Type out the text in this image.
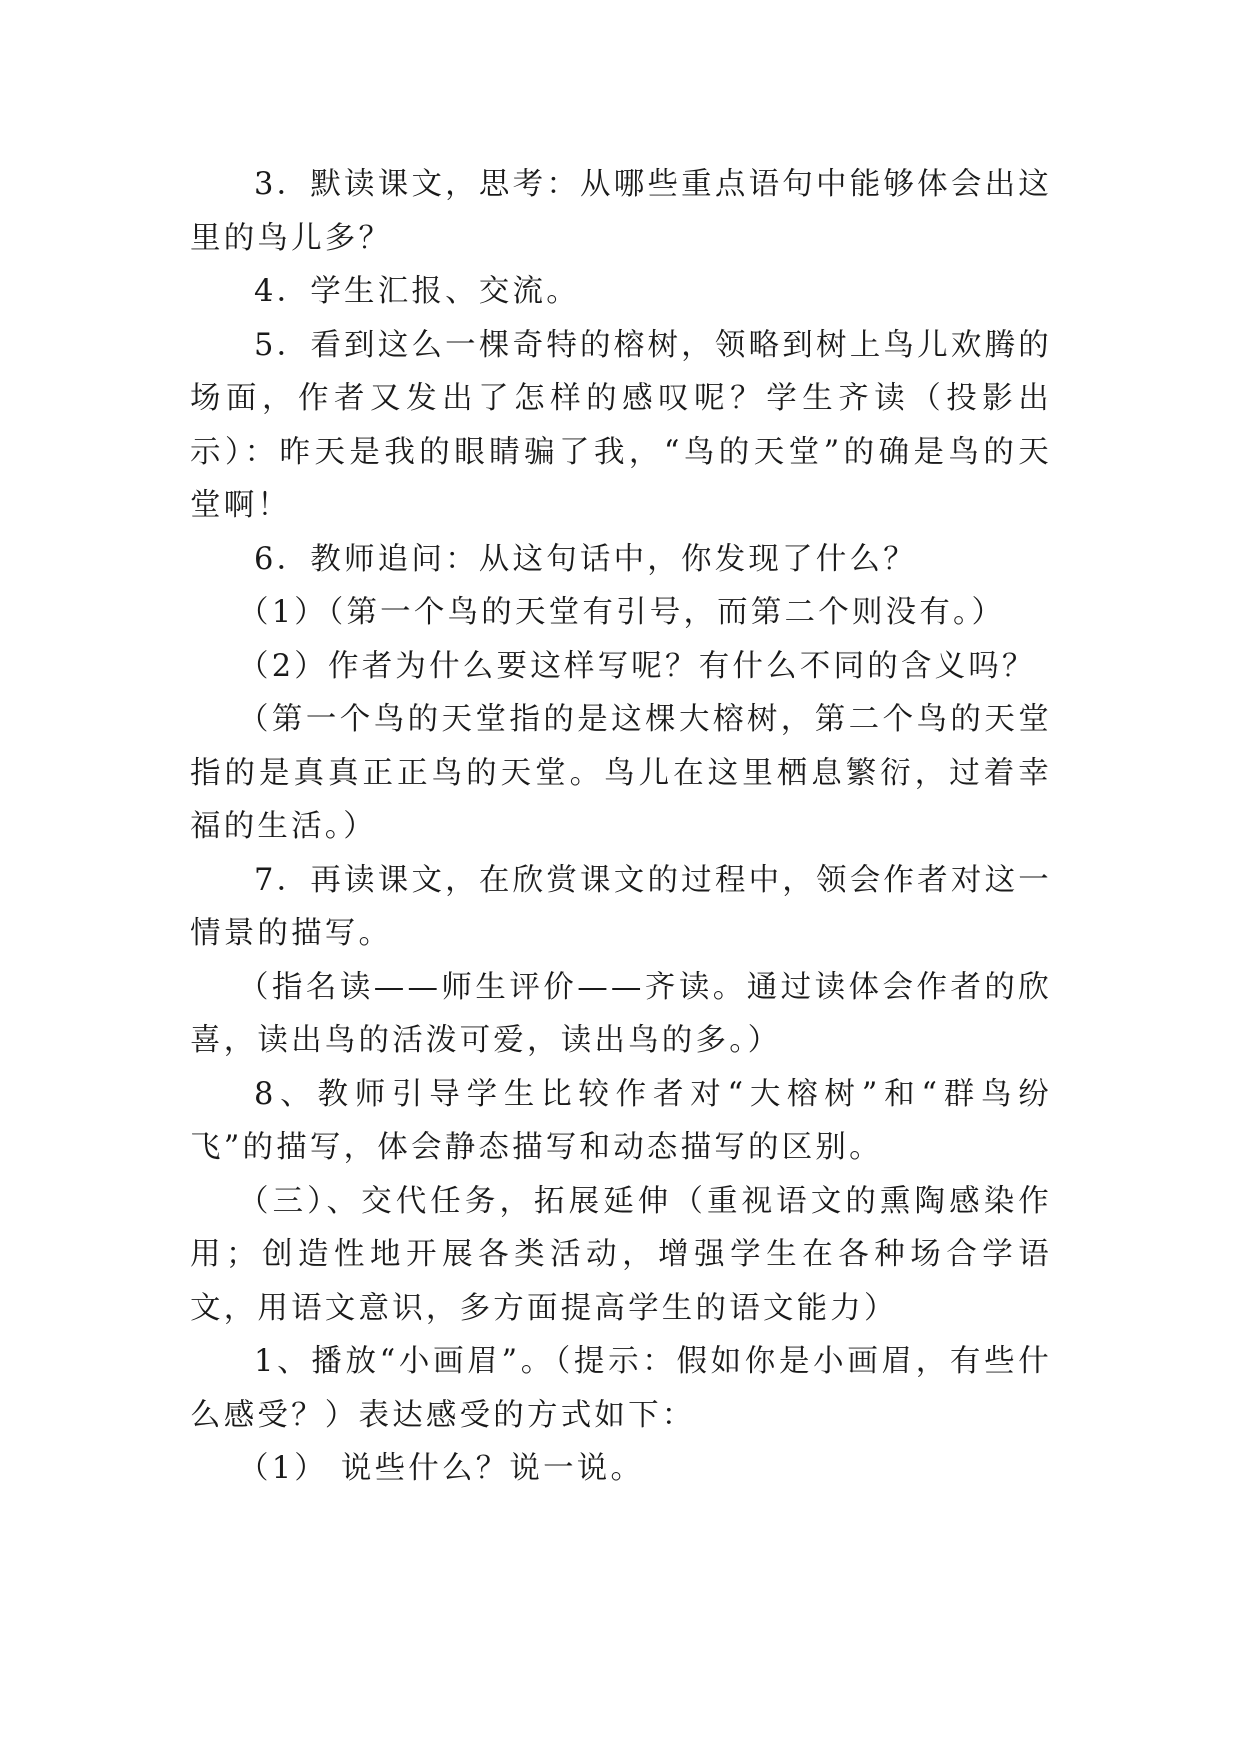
3．默读课文，思考：从哪些重点语句中能够体会出这里的鸟儿多？

4．学生汇报、交流。

5．看到这么一棵奇特的榕树，领略到树上鸟儿欢腾的场面，作者又发出了怎样的感叹呢？学生齐读（投影出示）：昨天是我的眼睛骗了我，“鸟的天堂”的确是鸟的天堂啊！

6．教师追问：从这句话中，你发现了什么？

（1）（第一个鸟的天堂有引号，而第二个则没有。）

（2）作者为什么要这样写呢？有什么不同的含义吗？

（第一个鸟的天堂指的是这棵大榕树，第二个鸟的天堂指的是真真正正鸟的天堂。鸟儿在这里栖息繁衍，过着幸福的生活。）

7．再读课文，在欣赏课文的过程中，领会作者对这一情景的描写。

（指名读——师生评价——齐读。通过读体会作者的欣喜，读出鸟的活泼可爱，读出鸟的多。）

8、教师引导学生比较作者对“大榕树”和“群鸟纷飞”的描写，体会静态描写和动态描写的区别。

（三）、交代任务，拓展延伸（重视语文的熏陶感染作用；创造性地开展各类活动，增强学生在各种场合学语文，用语文意识，多方面提高学生的语文能力）

1、播放“小画眉”。（提示：假如你是小画眉，有些什么感受？）表达感受的方式如下：

（1） 说些什么？说一说。
